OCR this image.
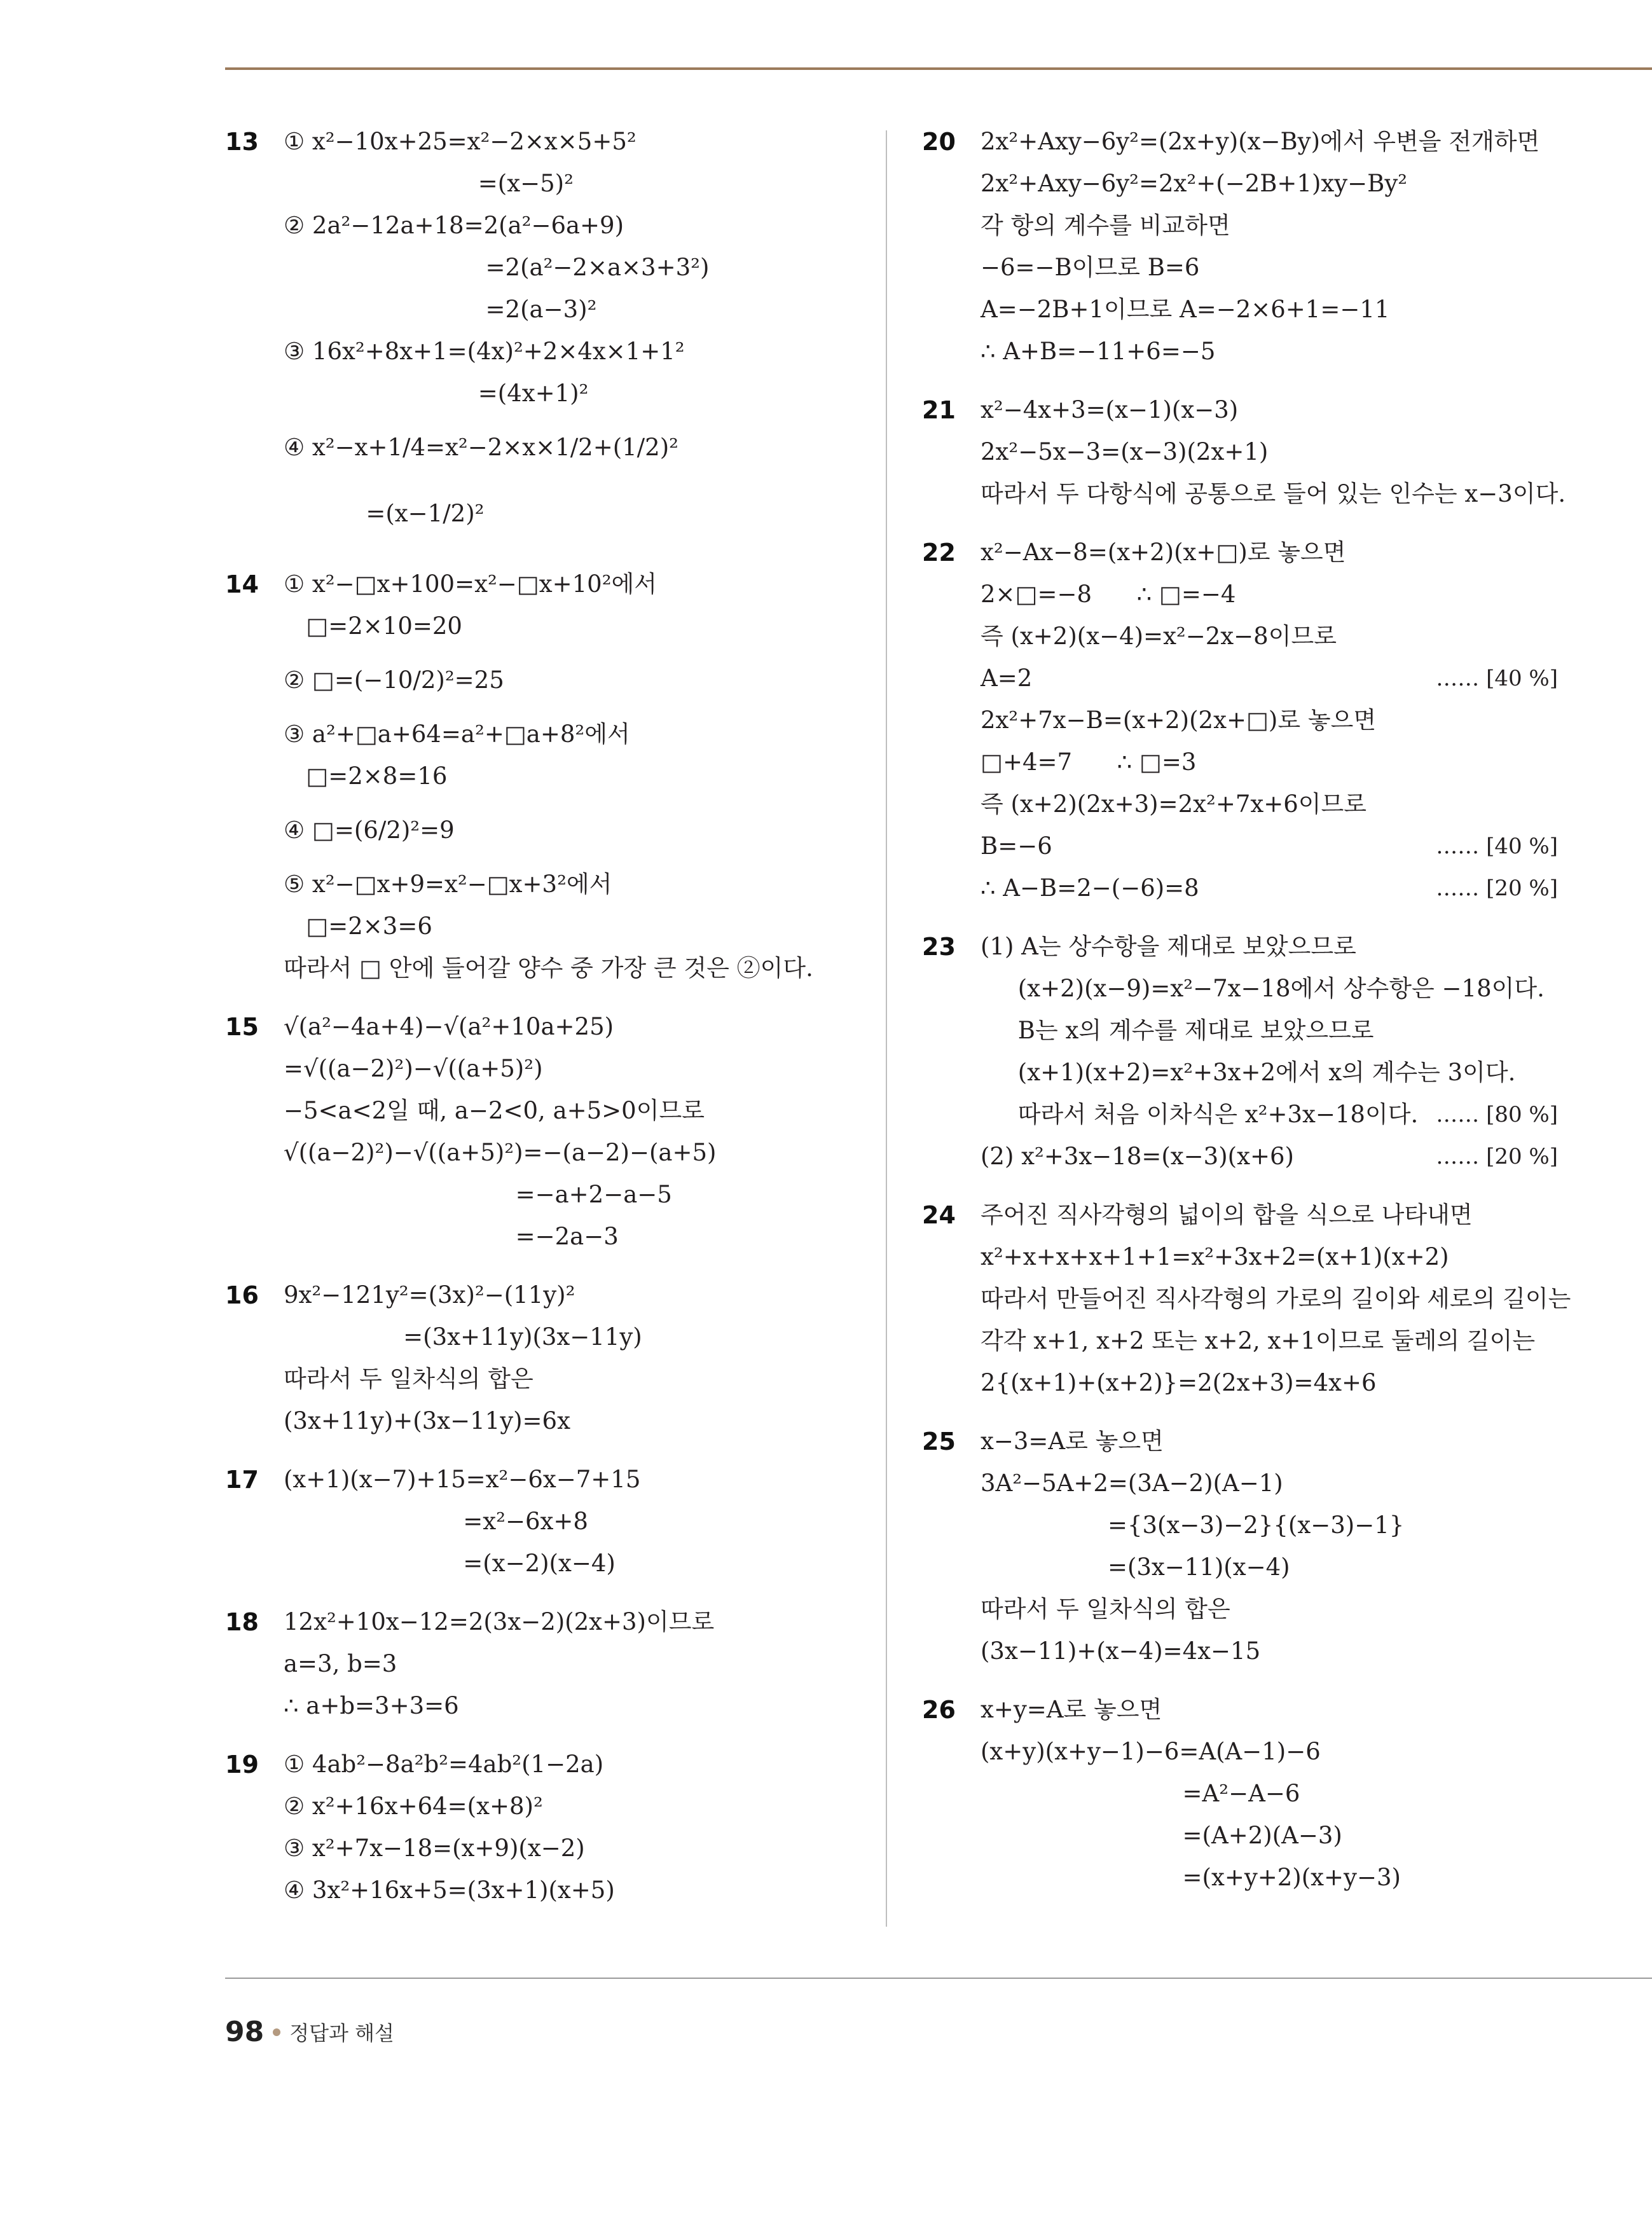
13	① x²−10x+25=x²−2×x×5+5²
=(x−5)²
② 2a²−12a+18=2(a²−6a+9)
=2(a²−2×a×3+3²)
=2(a−3)²
③ 16x²+8x+1=(4x)²+2×4x×1+1²
=(4x+1)²
④ x²−x+1/4=x²−2×x×1/2+(1/2)²
=(x−1/2)²
14	① x²−□x+100=x²−□x+10²에서
□=2×10=20
② □=(−10/2)²=25
③ a²+□a+64=a²+□a+8²에서
□=2×8=16
④ □=(6/2)²=9
⑤ x²−□x+9=x²−□x+3²에서
□=2×3=6
따라서 □ 안에 들어갈 양수 중 가장 큰 것은 ②이다.
15	√(a²−4a+4)−√(a²+10a+25)
=√((a−2)²)−√((a+5)²)
−5<a<2일 때, a−2<0, a+5>0이므로
√((a−2)²)−√((a+5)²)=−(a−2)−(a+5)
=−a+2−a−5
=−2a−3
16	9x²−121y²=(3x)²−(11y)²
=(3x+11y)(3x−11y)
따라서 두 일차식의 합은
(3x+11y)+(3x−11y)=6x
17	(x+1)(x−7)+15=x²−6x−7+15
=x²−6x+8
=(x−2)(x−4)
18	12x²+10x−12=2(3x−2)(2x+3)이므로
a=3, b=3
∴ a+b=3+3=6
19	① 4ab²−8a²b²=4ab²(1−2a)
② x²+16x+64=(x+8)²
③ x²+7x−18=(x+9)(x−2)
④ 3x²+16x+5=(3x+1)(x+5)
20	2x²+Axy−6y²=(2x+y)(x−By)에서 우변을 전개하면
2x²+Axy−6y²=2x²+(−2B+1)xy−By²
각 항의 계수를 비교하면
−6=−B이므로 B=6
A=−2B+1이므로 A=−2×6+1=−11
∴ A+B=−11+6=−5
21	x²−4x+3=(x−1)(x−3)
2x²−5x−3=(x−3)(2x+1)
따라서 두 다항식에 공통으로 들어 있는 인수는 x−3이다.
22	x²−Ax−8=(x+2)(x+□)로 놓으면
2×□=−8      ∴ □=−4
즉 (x+2)(x−4)=x²−2x−8이므로
A=2	…… [40 %]
2x²+7x−B=(x+2)(2x+□)로 놓으면
□+4=7      ∴ □=3
즉 (x+2)(2x+3)=2x²+7x+6이므로
B=−6	…… [40 %]
∴ A−B=2−(−6)=8	…… [20 %]
23	(1) A는 상수항을 제대로 보았으므로
(x+2)(x−9)=x²−7x−18에서 상수항은 −18이다.
B는 x의 계수를 제대로 보았으므로
(x+1)(x+2)=x²+3x+2에서 x의 계수는 3이다.
따라서 처음 이차식은 x²+3x−18이다. …… [80 %]
(2) x²+3x−18=(x−3)(x+6)	…… [20 %]
24	주어진 직사각형의 넓이의 합을 식으로 나타내면
x²+x+x+x+1+1=x²+3x+2=(x+1)(x+2)
따라서 만들어진 직사각형의 가로의 길이와 세로의 길이는
각각 x+1, x+2 또는 x+2, x+1이므로 둘레의 길이는
2{(x+1)+(x+2)}=2(2x+3)=4x+6
25	x−3=A로 놓으면
3A²−5A+2=(3A−2)(A−1)
={3(x−3)−2}{(x−3)−1}
=(3x−11)(x−4)
따라서 두 일차식의 합은
(3x−11)+(x−4)=4x−15
26	x+y=A로 놓으면
(x+y)(x+y−1)−6=A(A−1)−6
=A²−A−6
=(A+2)(A−3)
=(x+y+2)(x+y−3)
98 정답과 해설
